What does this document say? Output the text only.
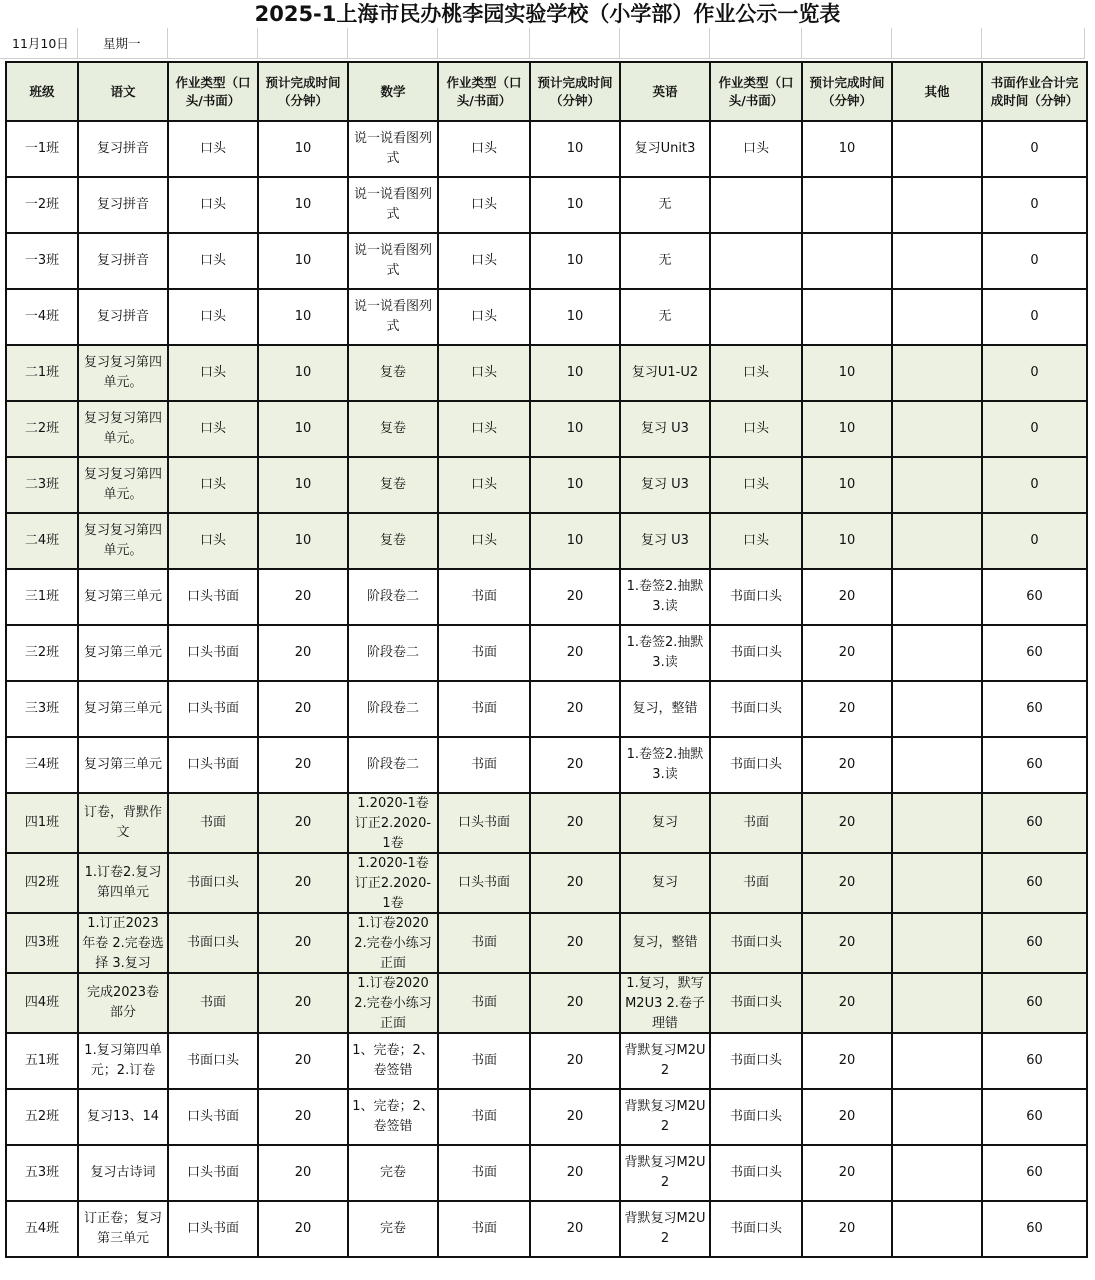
2025-1上海市民办桃李园实验学校（小学部）作业公示一览表
11月10日	星期一
班级	语文	作业类型（口头/书面）	预计完成时间（分钟）	数学	作业类型（口头/书面）	预计完成时间（分钟）	英语	作业类型（口头/书面）	预计完成时间（分钟）	其他	书面作业合计完成时间（分钟）

一1班	复习拼音	口头	10	说一说看图列式	口头	10	复习Unit3	口头	10		0

一2班	复习拼音	口头	10	说一说看图列式	口头	10	无				0

一3班	复习拼音	口头	10	说一说看图列式	口头	10	无				0

一4班	复习拼音	口头	10	说一说看图列式	口头	10	无				0

二1班	复习复习第四单元。	口头	10	复卷	口头	10	复习U1-U2	口头	10		0

二2班	复习复习第四单元。	口头	10	复卷	口头	10	复习 U3	口头	10		0

二3班	复习复习第四单元。	口头	10	复卷	口头	10	复习 U3	口头	10		0

二4班	复习复习第四单元。	口头	10	复卷	口头	10	复习 U3	口头	10		0

三1班	复习第三单元	口头书面	20	阶段卷二	书面	20	1.卷签2.抽默3.读	书面口头	20		60

三2班	复习第三单元	口头书面	20	阶段卷二	书面	20	1.卷签2.抽默3.读	书面口头	20		60

三3班	复习第三单元	口头书面	20	阶段卷二	书面	20	复习，整错	书面口头	20		60

三4班	复习第三单元	口头书面	20	阶段卷二	书面	20	1.卷签2.抽默3.读	书面口头	20		60

四1班	订卷，背默作文	书面	20	1.2020-1卷订正2.2020-1卷	口头书面	20	复习	书面	20		60

四2班	1.订卷2.复习第四单元	书面口头	20	1.2020-1卷订正2.2020-1卷	口头书面	20	复习	书面	20		60

四3班	1.订正2023年卷 2.完卷选择 3.复习	书面口头	20	1.订卷2020 2.完卷小练习正面	书面	20	复习，整错	书面口头	20		60

四4班	完成2023卷部分	书面	20	1.订卷2020 2.完卷小练习正面	书面	20	1.复习，默写M2U3 2.卷子理错	书面口头	20		60

五1班	1.复习第四单元；2.订卷	书面口头	20	1、完卷；2、卷签错	书面	20	背默复习M2U2	书面口头	20		60

五2班	复习13、14	口头书面	20	1、完卷；2、卷签错	书面	20	背默复习M2U2	书面口头	20		60

五3班	复习古诗词	口头书面	20	完卷	书面	20	背默复习M2U2	书面口头	20		60

五4班	订正卷；复习第三单元	口头书面	20	完卷	书面	20	背默复习M2U2	书面口头	20		60
